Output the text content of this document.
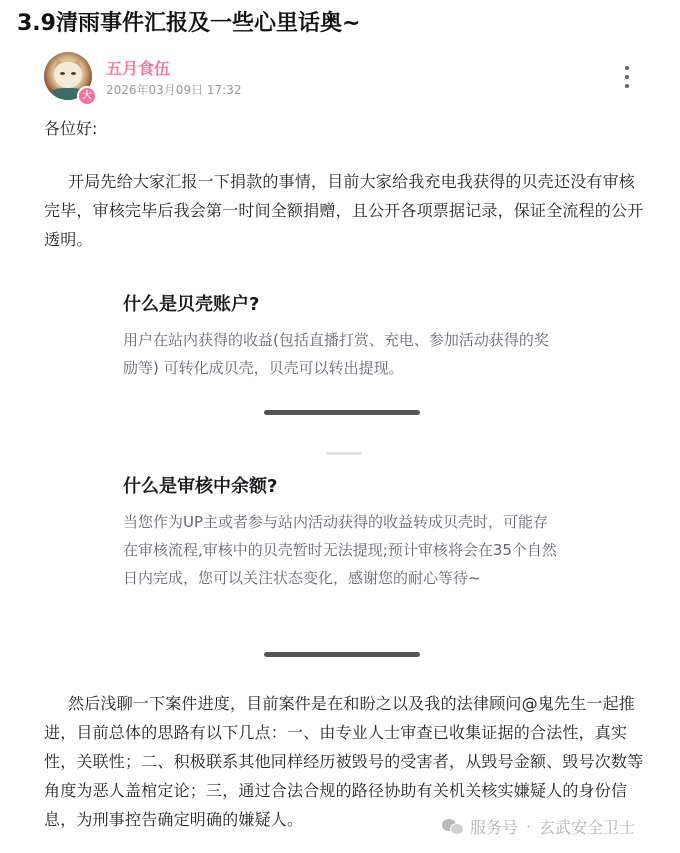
3.9清雨事件汇报及一些心里话奥~
大
五月食伍
2026年03月09日 17:32
各位好:

开局先给大家汇报一下捐款的事情，目前大家给我充电我获得的贝壳还没有审核完毕，审核完毕后我会第一时间全额捐赠，且公开各项票据记录，保证全流程的公开透明。

什么是贝壳账户?

用户在站内获得的收益(包括直播打赏、充电、参加活动获得的奖励等) 可转化成贝壳，贝壳可以转出提现。

什么是审核中余额?

当您作为UP主或者参与站内活动获得的收益转成贝壳时，可能存在审核流程,审核中的贝壳暂时无法提现;预计审核将会在35个自然日内完成，您可以关注状态变化，感谢您的耐心等待~

然后浅聊一下案件进度，目前案件是在和盼之以及我的法律顾问@鬼先生一起推进，目前总体的思路有以下几点：一、由专业人士审查已收集证据的合法性，真实性，关联性；二、积极联系其他同样经历被毁号的受害者，从毁号金额、毁号次数等角度为恶人盖棺定论；三，通过合法合规的路径协助有关机关核实嫌疑人的身份信息，为刑事控告确定明确的嫌疑人。	服务号 · 玄武安全卫士
